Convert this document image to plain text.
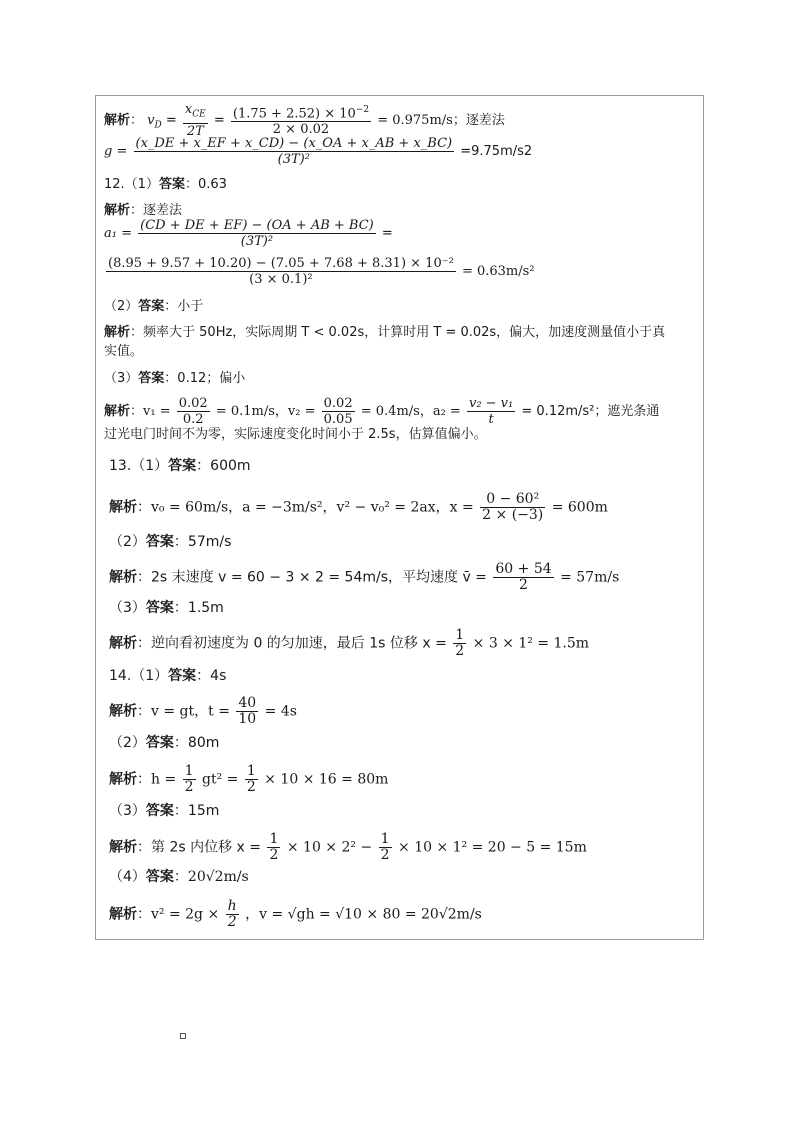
解析： $v_D = \frac{x_{CE}}{2T} = \frac{(1.75 + 2.52) \times 10^{-2}}{2 \times 0.02} = 0.975m/s$；逐差法
$g = \frac{(x\_DE + x\_EF + x\_CD) - (x\_OA + x\_AB + x\_BC)}{\text{(3T)²}} =9.75m/s2$
12.（1）答案：0.63
解析：逐差法
$a_1 = \frac{(CD + DE + EF) - (OA + AB + BC)}{\text{(3T)²}}$ =
$\frac{\text{(8.95 + 9.57 + 10.20) − (7.05 + 7.68 + 8.31) × 10⁻²}}{\text{(3 × 0.1)²}} = 0.63m/s^2$
（2）答案：小于
解析：频率大于 50Hz，实际周期 T < 0.02s，计算时用 T = 0.02s，偏大，加速度测量值小于真
实值。
（3）答案：0.12；偏小
解析：$v_1 = \frac{0.02}{0.2} = 0.1m/s$，$v_2 = \frac{0.02}{0.05} = 0.4m/s$，$a_2 = \frac{\text{v₂ − v₁}}{t} = 0.12m/s^2$；遮光条通
过光电门时间不为零，实际速度变化时间小于 2.5s，估算值偏小。
13.（1）答案：600m
解析：v₀ = 60m/s，a = −3m/s²，v² − v₀² = 2ax，$x = \frac{\text{0 − 60²}}{2 \times (-3)} = 600m$
（2）答案：57m/s
解析：2s 末速度 v = 60 − 3 × 2 = 54m/s，平均速度 v̄ = $\frac{60 + 54}{2} = 57m/s$
（3）答案：1.5m
解析：逆向看初速度为 0 的匀加速，最后 1s 位移 $x = \frac{1}{2} \times 3 \times 1^2 = 1.5m$
14.（1）答案：4s
解析：v = gt，$t = \frac{40}{10} = 4s$
（2）答案：80m
解析：$h = \frac{1}{2} gt^2 = \frac{1}{2} \times 10 \times 16 = 80m$
（3）答案：15m
解析：第 2s 内位移 $x = \frac{1}{2} \times 10 \times 2^2 - \frac{1}{2} \times 10 \times 1^2 = 20 - 5 = 15m$
（4）答案：20√2m/s
解析：$v^2 = 2g \times \frac{h}{2}$ ，v = √gh = √10 × 80 = 20√2m/s
